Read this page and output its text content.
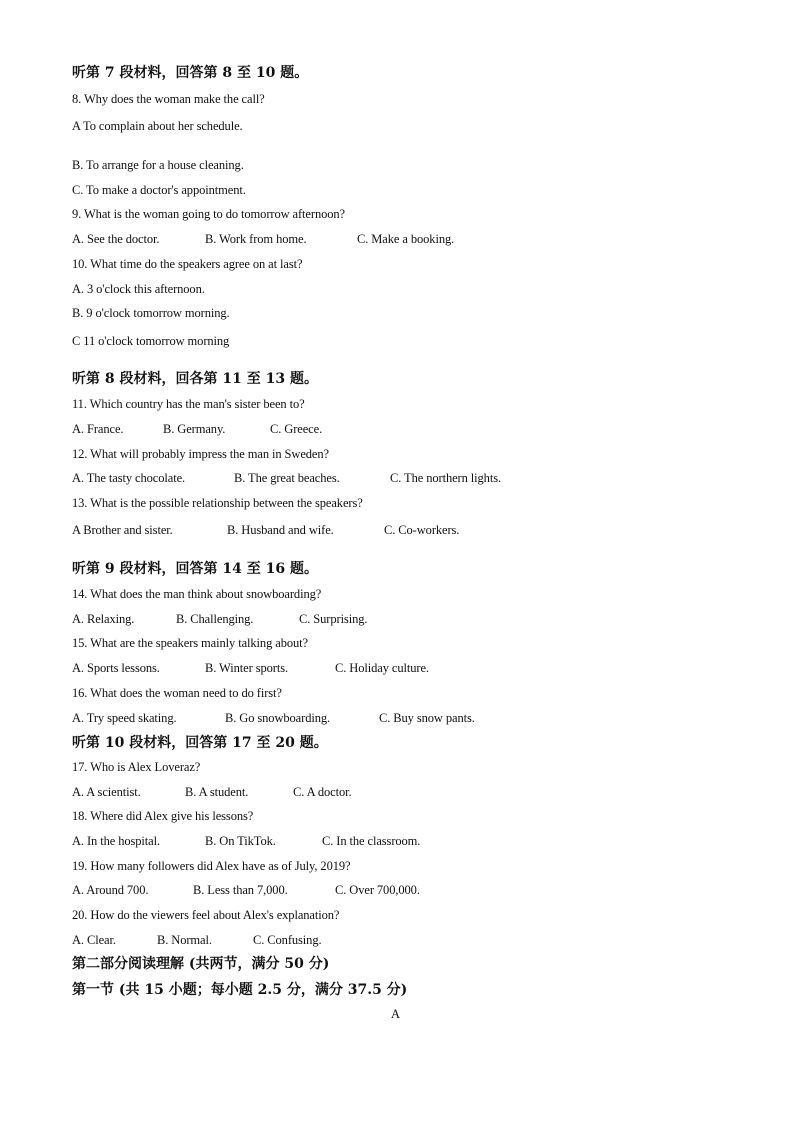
听第 7 段材料，回答第 8 至 10 题。
8. Why does the woman make the call?
A To complain about her schedule.
B. To arrange for a house cleaning.
C. To make a doctor's appointment.
9. What is the woman going to do tomorrow afternoon?
A. See the doctor.	B. Work from home.	C. Make a booking.
10. What time do the speakers agree on at last?
A. 3 o'clock this afternoon.
B. 9 o'clock tomorrow morning.
C 11 o'clock tomorrow morning
听第 8 段材料，回各第 11 至 13 题。
11. Which country has the man's sister been to?
A. France.	B. Germany.	C. Greece.
12. What will probably impress the man in Sweden?
A. The tasty chocolate.	B. The great beaches.	C. The northern lights.
13. What is the possible relationship between the speakers?
A Brother and sister.	B. Husband and wife.	C. Co-workers.
听第 9 段材料，回答第 14 至 16 题。
14. What does the man think about snowboarding?
A. Relaxing.	B. Challenging.	C. Surprising.
15. What are the speakers mainly talking about?
A. Sports lessons.	B. Winter sports.	C. Holiday culture.
16. What does the woman need to do first?
A. Try speed skating.	B. Go snowboarding.	C. Buy snow pants.
听第 10 段材料，回答第 17 至 20 题。
17. Who is Alex Loveraz?
A. A scientist.	B. A student.	C. A doctor.
18. Where did Alex give his lessons?
A. In the hospital.	B. On TikTok.	C. In the classroom.
19. How many followers did Alex have as of July, 2019?
A. Around 700.	B. Less than 7,000.	C. Over 700,000.
20. How do the viewers feel about Alex's explanation?
A. Clear.	B. Normal.	C. Confusing.
第二部分阅读理解 (共两节，满分 50 分)
第一节 (共 15 小题；每小题 2.5 分，满分 37.5 分)
A
